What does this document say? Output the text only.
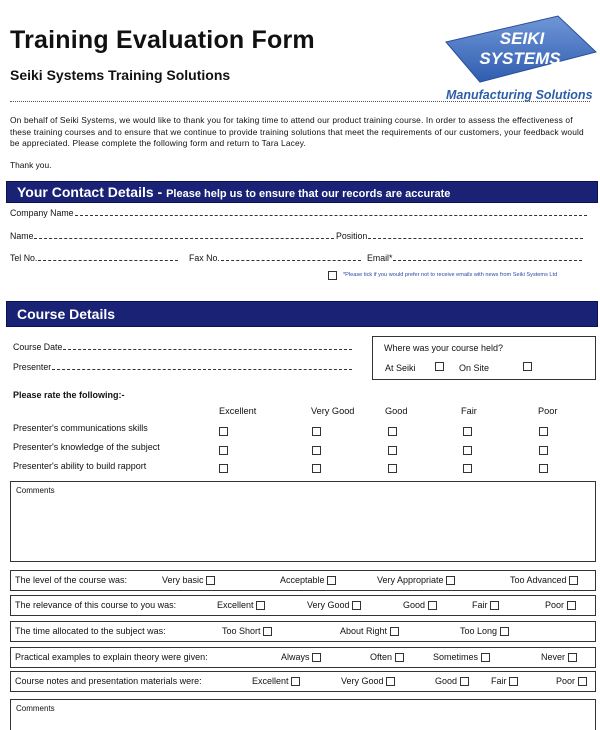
Training Evaluation Form
Seiki Systems Training Solutions
SEIKI
SYSTEMS
Manufacturing Solutions
On behalf of Seiki Systems, we would like to thank you for taking time to attend our product training course. In order to assess the effectiveness of these training courses and to ensure that we continue to provide training solutions that meet the requirements of our customers, your feedback would be appreciated. Please complete the following form and return to Tara Lacey.
Thank you.
Your Contact Details - Please help us to ensure that our records are accurate
Company Name
Name	Position
Tel No.	Fax No.	Email*
*Please tick if you would prefer not to receive emails with news from Seiki Systems Ltd
Course Details
Course Date
Presenter
Where was your course held?
At Seiki	On Site
Please rate the following:-
Excellent	Very Good	Good	Fair	Poor
Presenter's communications skills
Presenter's knowledge of the subject
Presenter's ability to build rapport
Comments
The level of the course was:	Very basic	Acceptable	Very Appropriate	Too Advanced
The relevance of this course to you was:	Excellent	Very Good	Good	Fair	Poor
The time allocated to the subject was:	Too Short	About Right	Too Long
Practical examples to explain theory were given:	Always	Often	Sometimes	Never
Course notes and presentation materials were:	Excellent	Very Good	Good	Fair	Poor
Comments
